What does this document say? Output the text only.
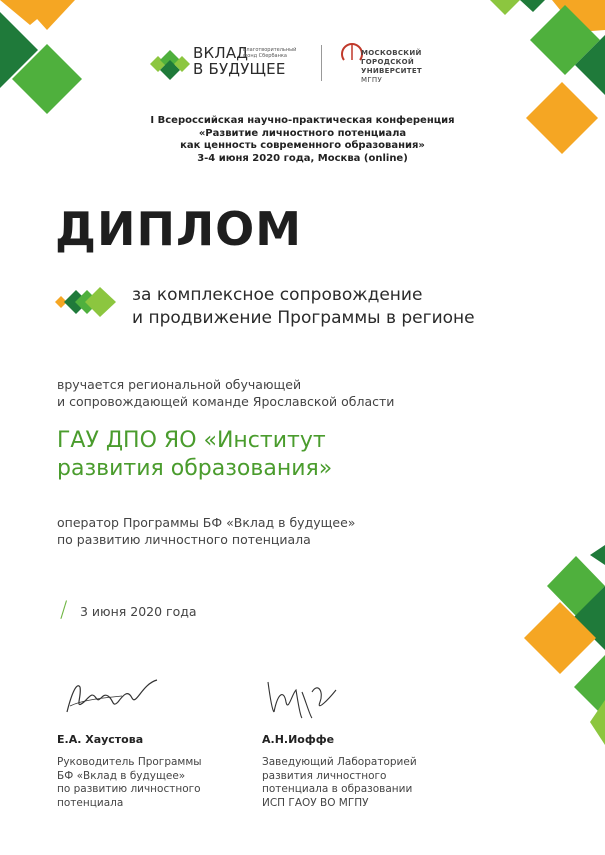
ВКЛАД
В БУДУЩЕЕ
Благотворительный фонд Сбербанка	МОСКОВСКИЙ
ГОРОДСКОЙ
УНИВЕРСИТЕТ
МГПУ
I Всероссийская научно-практическая конференция
«Развитие личностного потенциала
как ценность современного образования»
3-4 июня 2020 года, Москва (online)
ДИПЛОМ
за комплексное сопровождение
и продвижение Программы в регионе
вручается региональной обучающей
и сопровождающей команде Ярославской области
ГАУ ДПО ЯО «Институт
развития образования»
оператор Программы БФ «Вклад в будущее»
по развитию личностного потенциала
/ 3 июня 2020 года
Е.А. Хаустова
Руководитель Программы
БФ «Вклад в будущее»
по развитию личностного
потенциала
А.Н.Иоффе
Заведующий Лабораторией
развития личностного
потенциала в образовании
ИСП ГАОУ ВО МГПУ
